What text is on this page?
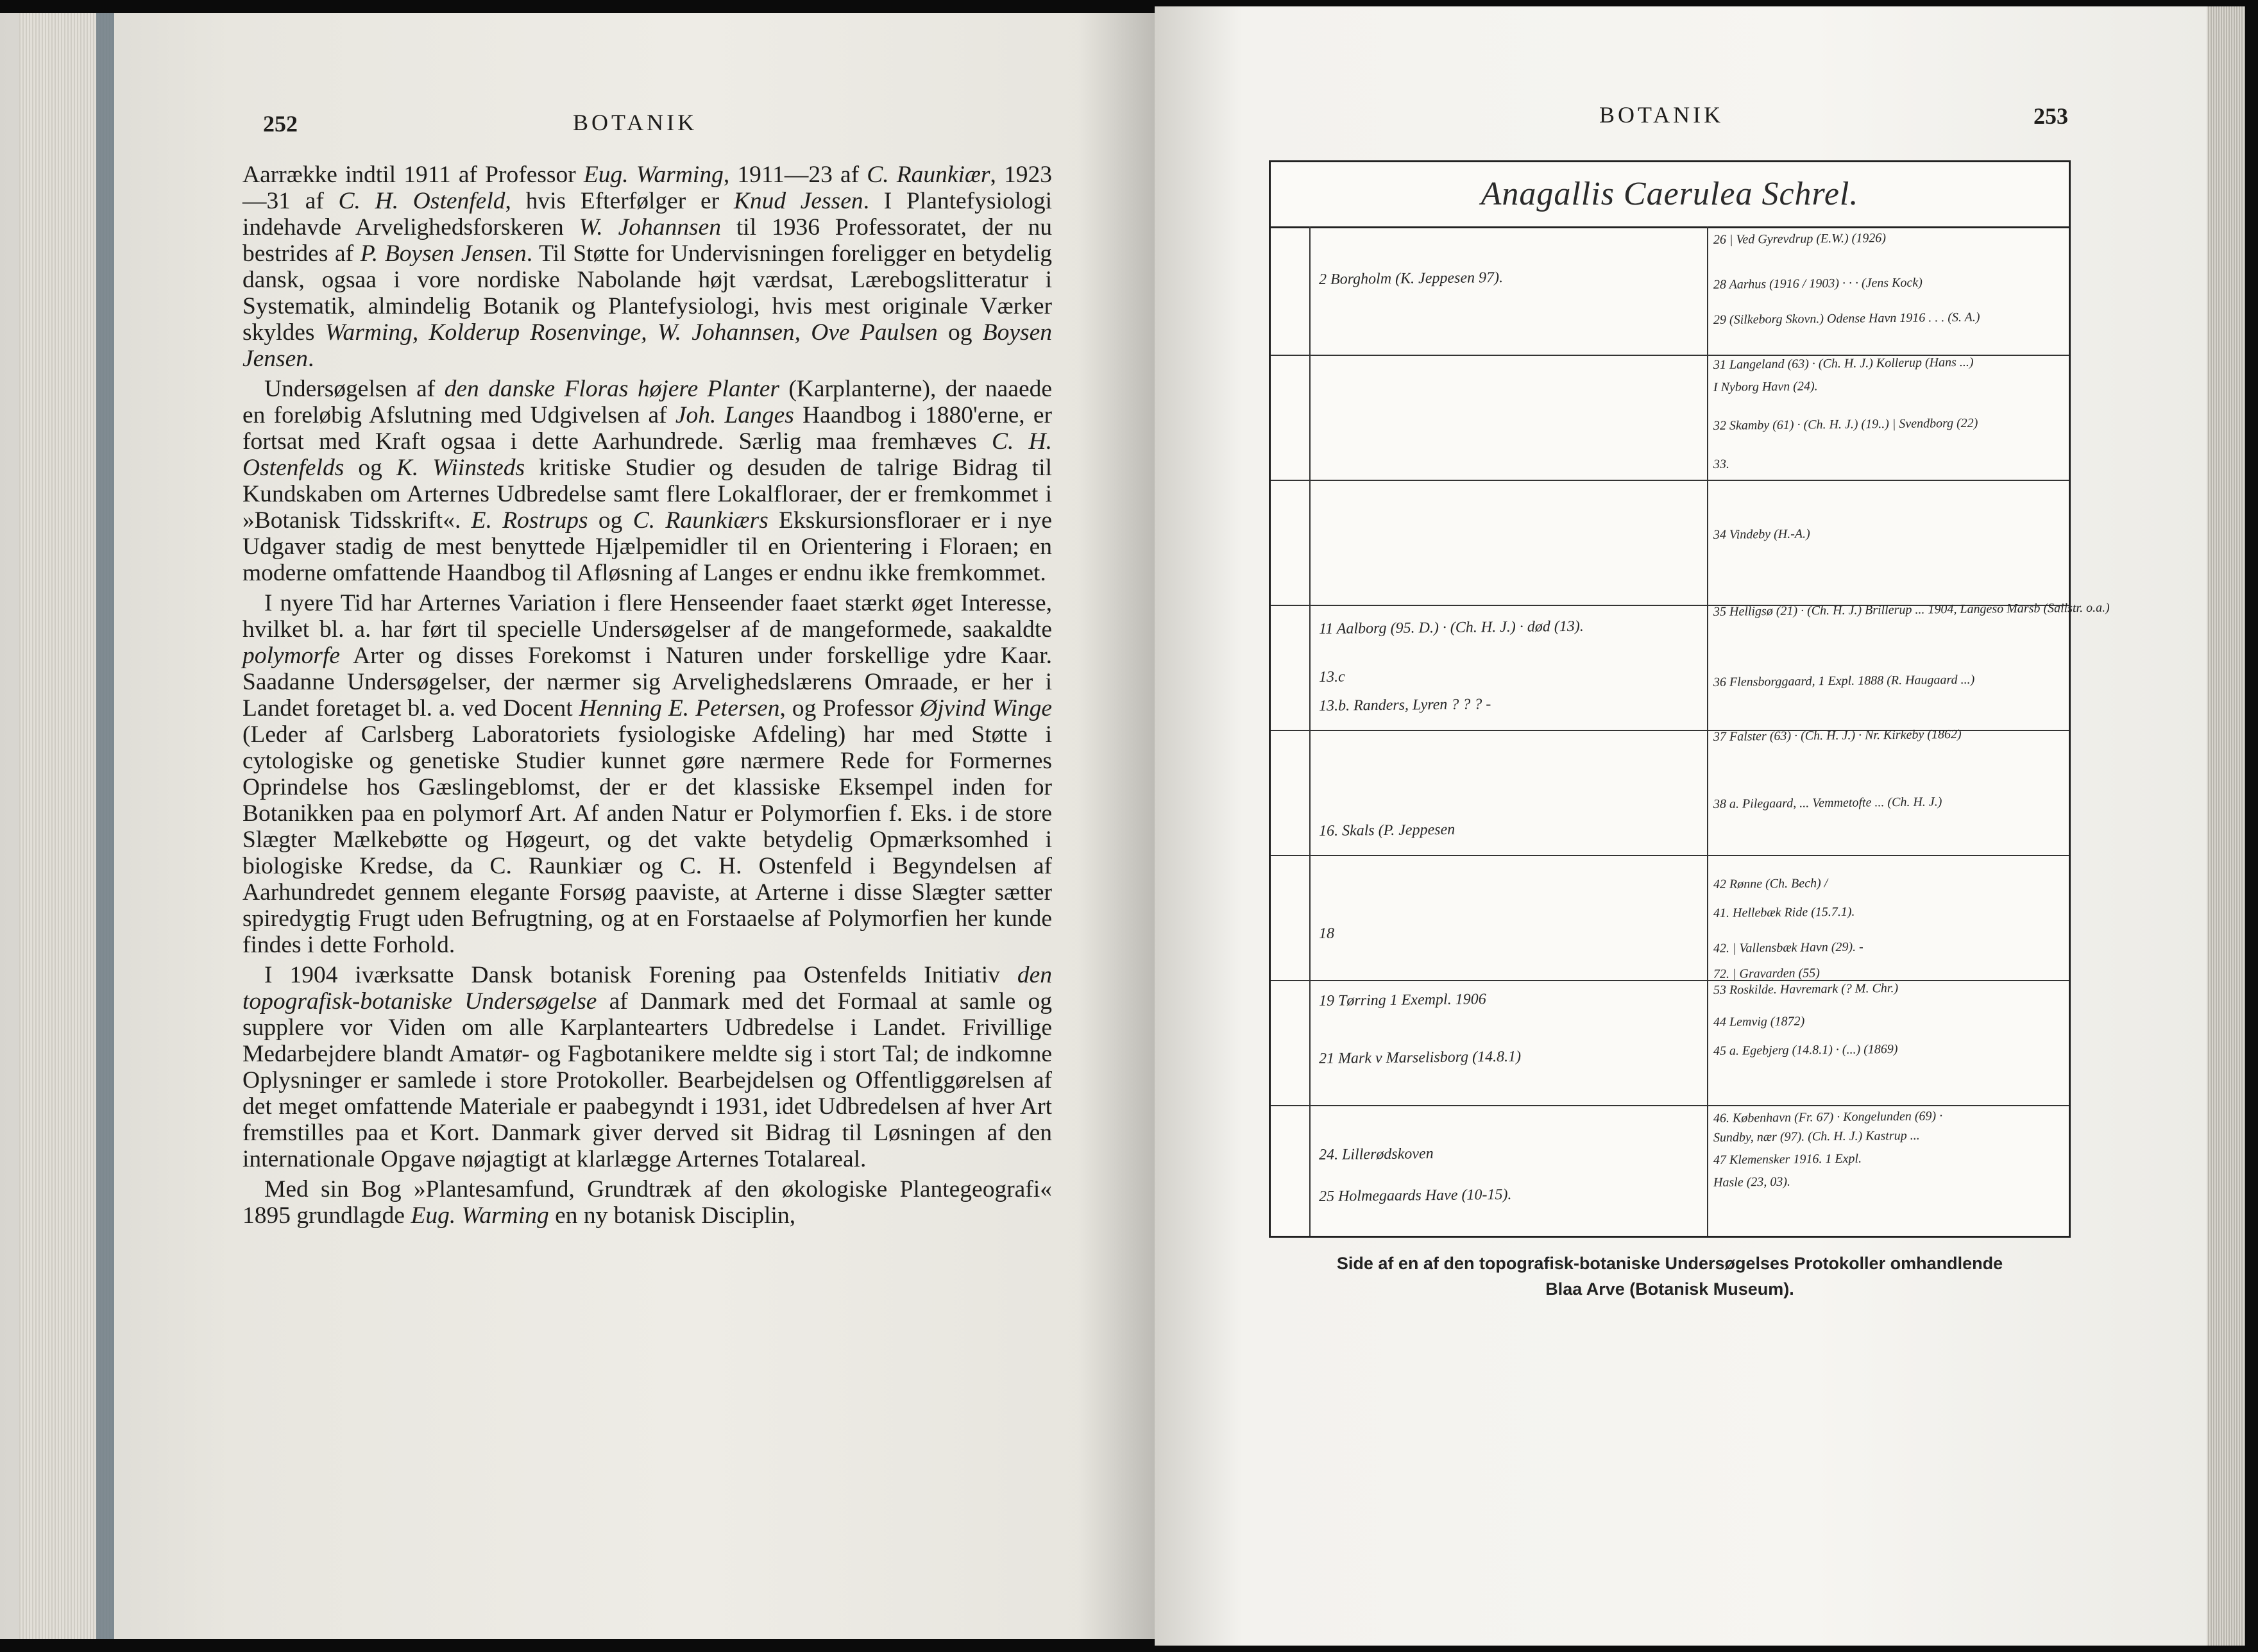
252	BOTANIK

Aarrække indtil 1911 af Professor Eug. Warming, 1911—23 af C. Raunkiær, 1923—31 af C. H. Ostenfeld, hvis Efterfølger er Knud Jessen. I Plantefysiologi indehavde Arvelighedsforskeren W. Johannsen til 1936 Professoratet, der nu bestrides af P. Boysen Jensen. Til Støtte for Undervisningen foreligger en betydelig dansk, ogsaa i vore nordiske Nabolande højt værdsat, Lærebogslitteratur i Systematik, almindelig Botanik og Plantefysiologi, hvis mest originale Værker skyldes Warming, Kolderup Rosenvinge, W. Johannsen, Ove Paulsen og Boysen Jensen.

Undersøgelsen af den danske Floras højere Planter (Karplanterne), der naaede en foreløbig Afslutning med Udgivelsen af Joh. Langes Haandbog i 1880'erne, er fortsat med Kraft ogsaa i dette Aarhundrede. Særlig maa fremhæves C. H. Ostenfelds og K. Wiinsteds kritiske Studier og desuden de talrige Bidrag til Kundskaben om Arternes Udbredelse samt flere Lokalfloraer, der er fremkommet i »Botanisk Tidsskrift«. E. Rostrups og C. Raunkiærs Ekskursionsfloraer er i nye Udgaver stadig de mest benyttede Hjælpemidler til en Orientering i Floraen; en moderne omfattende Haandbog til Afløsning af Langes er endnu ikke fremkommet.

I nyere Tid har Arternes Variation i flere Henseender faaet stærkt øget Interesse, hvilket bl. a. har ført til specielle Undersøgelser af de mangeformede, saakaldte polymorfe Arter og disses Forekomst i Naturen under forskellige ydre Kaar. Saadanne Undersøgelser, der nærmer sig Arvelighedslærens Omraade, er her i Landet foretaget bl. a. ved Docent Henning E. Petersen, og Professor Øjvind Winge (Leder af Carlsberg Laboratoriets fysiologiske Afdeling) har med Støtte i cytologiske og genetiske Studier kunnet gøre nærmere Rede for Formernes Oprindelse hos Gæslingeblomst, der er det klassiske Eksempel inden for Botanikken paa en polymorf Art. Af anden Natur er Polymorfien f. Eks. i de store Slægter Mælkebøtte og Høgeurt, og det vakte betydelig Opmærksomhed i biologiske Kredse, da C. Raunkiær og C. H. Ostenfeld i Begyndelsen af Aarhundredet gennem elegante Forsøg paaviste, at Arterne i disse Slægter sætter spiredygtig Frugt uden Befrugtning, og at en Forstaaelse af Polymorfien her kunde findes i dette Forhold.

I 1904 iværksatte Dansk botanisk Forening paa Ostenfelds Initiativ den topografisk-botaniske Undersøgelse af Danmark med det Formaal at samle og supplere vor Viden om alle Karplantearters Udbredelse i Landet. Frivillige Medarbejdere blandt Amatør- og Fagbotanikere meldte sig i stort Tal; de indkomne Oplysninger er samlede i store Protokoller. Bearbejdelsen og Offentliggørelsen af det meget omfattende Materiale er paabegyndt i 1931, idet Udbredelsen af hver Art fremstilles paa et Kort. Danmark giver derved sit Bidrag til Løsningen af den internationale Opgave nøjagtigt at klarlægge Arternes Totalareal.

Med sin Bog »Plantesamfund, Grundtræk af den økologiske Plantegeografi« 1895 grundlagde Eug. Warming en ny botanisk Disciplin,

BOTANIK	253
Anagallis Caerulea Schrel.
2 Borgholm (K. Jeppesen 97).
11 Aalborg (95. D.) · (Ch. H. J.) · død (13).
13.c
13.b. Randers, Lyren ? ? ? -
16. Skals (P. Jeppesen
18
19 Tørring 1 Exempl. 1906
21 Mark v Marselisborg (14.8.1)
24. Lillerødskoven
25 Holmegaards Have (10-15).
26 | Ved Gyrevdrup (E.W.) (1926)
28 Aarhus (1916 / 1903) · · · (Jens Kock)
29 (Silkeborg Skovn.) Odense Havn 1916 . . . (S. A.)
31 Langeland (63) · (Ch. H. J.) Kollerup (Hans ...)
I Nyborg Havn (24).
32 Skamby (61) · (Ch. H. J.) (19..) | Svendborg (22)
33.
34 Vindeby (H.-A.)
35 Helligsø (21) · (Ch. H. J.) Brillerup ... 1904, Langeso Marsb (Sailstr. o.a.)
36 Flensborggaard, 1 Expl. 1888 (R. Haugaard ...)
37 Falster (63) · (Ch. H. J.) · Nr. Kirkeby (1862)
38 a. Pilegaard, ... Vemmetofte ... (Ch. H. J.)
42 Rønne (Ch. Bech) /
41. Hellebæk Ride (15.7.1).
42. | Vallensbæk Havn (29). -
72. | Gravarden (55)
53 Roskilde. Havremark (? M. Chr.)
44 Lemvig (1872)
45 a. Egebjerg (14.8.1) · (...) (1869)
46. København (Fr. 67) · Kongelunden (69) ·
Sundby, nær (97). (Ch. H. J.) Kastrup ...
47 Klemensker 1916. 1 Expl.
Hasle (23, 03).
Side af en af den topografisk-botaniske Undersøgelses Protokoller omhandlende
Blaa Arve (Botanisk Museum).
